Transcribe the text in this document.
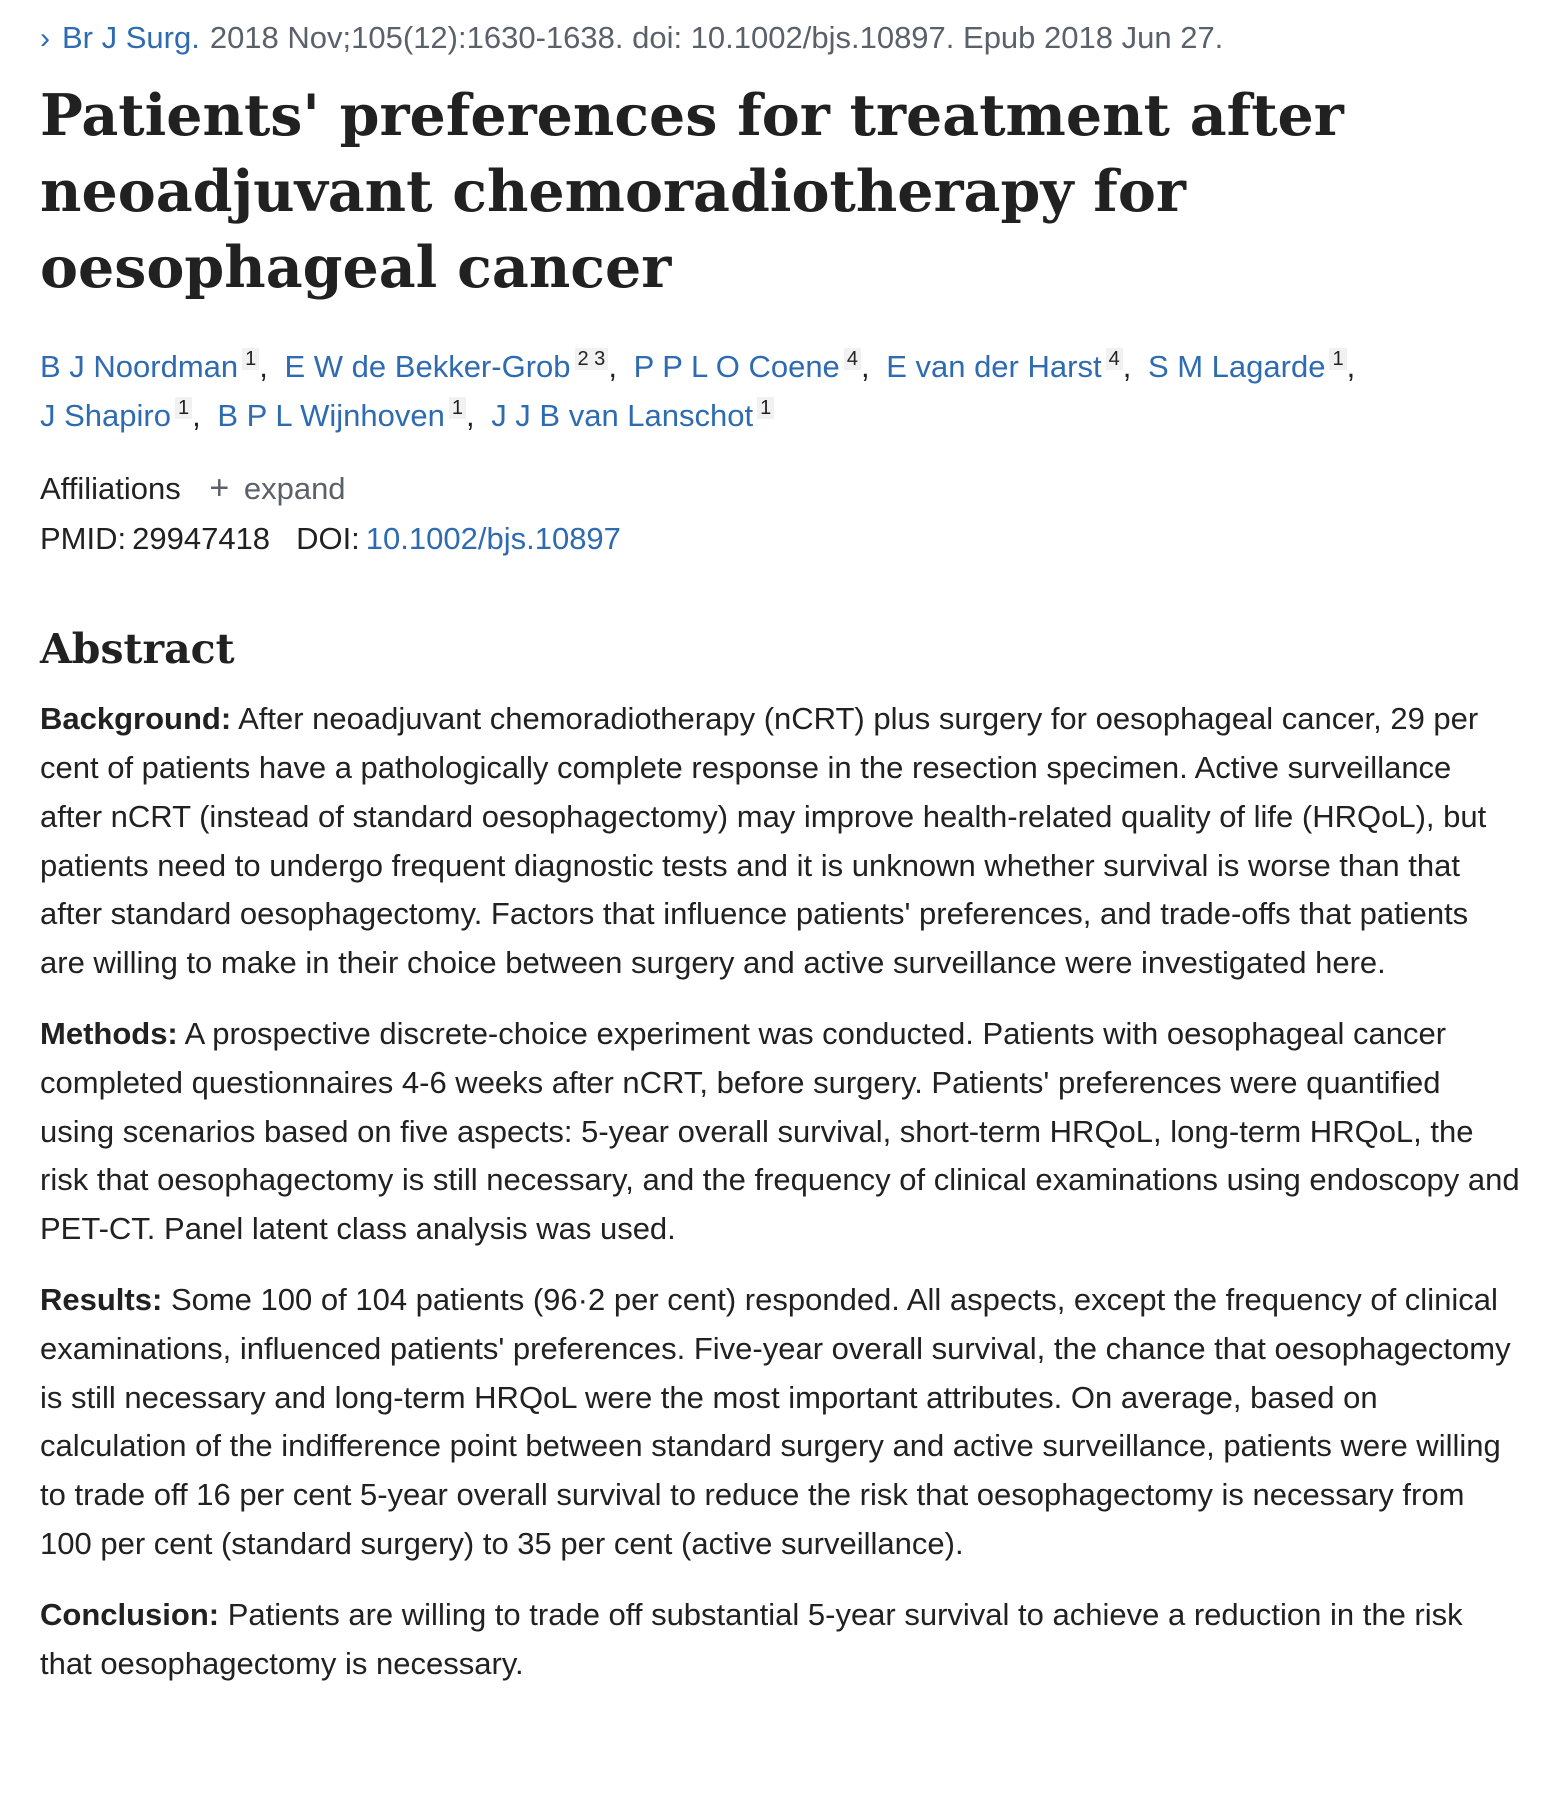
› Br J Surg. 2018 Nov;105(12):1630-1638. doi: 10.1002/bjs.10897. Epub 2018 Jun 27.
Patients' preferences for treatment after neoadjuvant chemoradiotherapy for oesophageal cancer
B J Noordman $^1$, E W de Bekker-Grob $^{2 3}$, P P L O Coene $^4$, E van der Harst $^4$, S M Lagarde $^1$,
J Shapiro $^1$, B P L Wijnhoven $^1$, J J B van Lanschot $^1$
Affiliations + expand
PMID: 29947418 DOI: 10.1002/bjs.10897
Abstract

Background: After neoadjuvant chemoradiotherapy (nCRT) plus surgery for oesophageal cancer, 29 per cent of patients have a pathologically complete response in the resection specimen. Active surveillance after nCRT (instead of standard oesophagectomy) may improve health-related quality of life (HRQoL), but patients need to undergo frequent diagnostic tests and it is unknown whether survival is worse than that after standard oesophagectomy. Factors that influence patients' preferences, and trade-offs that patients are willing to make in their choice between surgery and active surveillance were investigated here.

Methods: A prospective discrete-choice experiment was conducted. Patients with oesophageal cancer completed questionnaires 4-6 weeks after nCRT, before surgery. Patients' preferences were quantified using scenarios based on five aspects: 5-year overall survival, short-term HRQoL, long-term HRQoL, the risk that oesophagectomy is still necessary, and the frequency of clinical examinations using endoscopy and PET-CT. Panel latent class analysis was used.

Results: Some 100 of 104 patients (96·2 per cent) responded. All aspects, except the frequency of clinical examinations, influenced patients' preferences. Five-year overall survival, the chance that oesophagectomy is still necessary and long-term HRQoL were the most important attributes. On average, based on calculation of the indifference point between standard surgery and active surveillance, patients were willing to trade off 16 per cent 5-year overall survival to reduce the risk that oesophagectomy is necessary from 100 per cent (standard surgery) to 35 per cent (active surveillance).

Conclusion: Patients are willing to trade off substantial 5-year survival to achieve a reduction in the risk that oesophagectomy is necessary.
